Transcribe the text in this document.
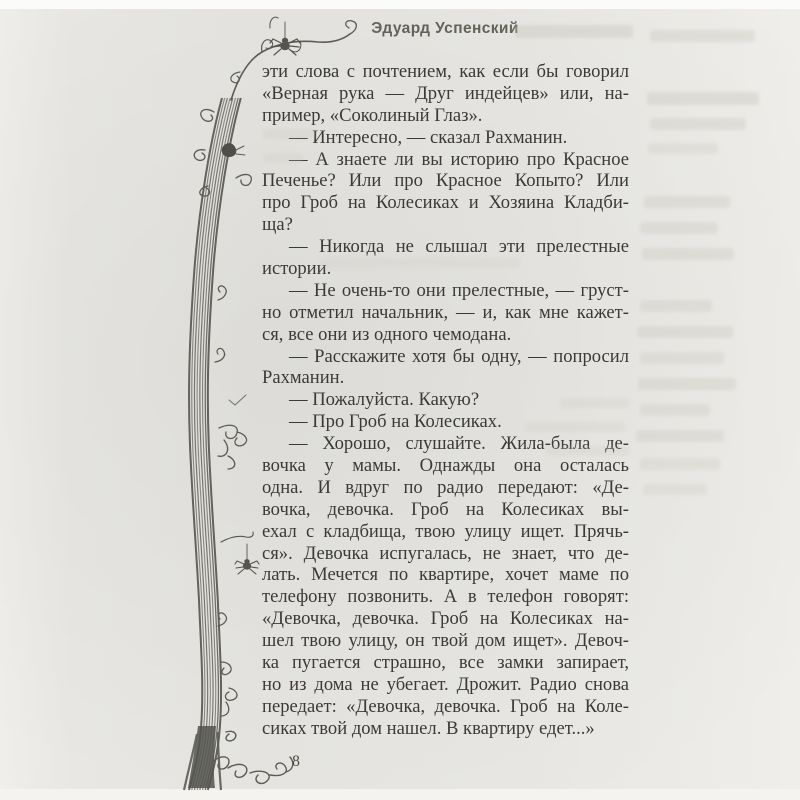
Эдуард Успенский
эти слова с почтением, как если бы говорил
«Верная рука — Друг индейцев» или, на-
пример, «Соколиный Глаз».
— Интересно, — сказал Рахманин.
— А знаете ли вы историю про Красное
Печенье? Или про Красное Копыто? Или
про Гроб на Колесиках и Хозяина Кладби-
ща?
— Никогда не слышал эти прелестные
истории.
— Не очень-то они прелестные, — груст-
но отметил начальник, — и, как мне кажет-
ся, все они из одного чемодана.
— Расскажите хотя бы одну, — попросил
Рахманин.
— Пожалуйста. Какую?
— Про Гроб на Колесиках.
— Хорошо, слушайте. Жила-была де-
вочка у мамы. Однажды она осталась
одна. И вдруг по радио передают: «Де-
вочка, девочка. Гроб на Колесиках вы-
ехал с кладбища, твою улицу ищет. Прячь-
ся». Девочка испугалась, не знает, что де-
лать. Мечется по квартире, хочет маме по
телефону позвонить. А в телефон говорят:
«Девочка, девочка. Гроб на Колесиках на-
шел твою улицу, он твой дом ищет». Девоч-
ка пугается страшно, все замки запирает,
но из дома не убегает. Дрожит. Радио снова
передает: «Девочка, девочка. Гроб на Коле-
сиках твой дом нашел. В квартиру едет...»
8
